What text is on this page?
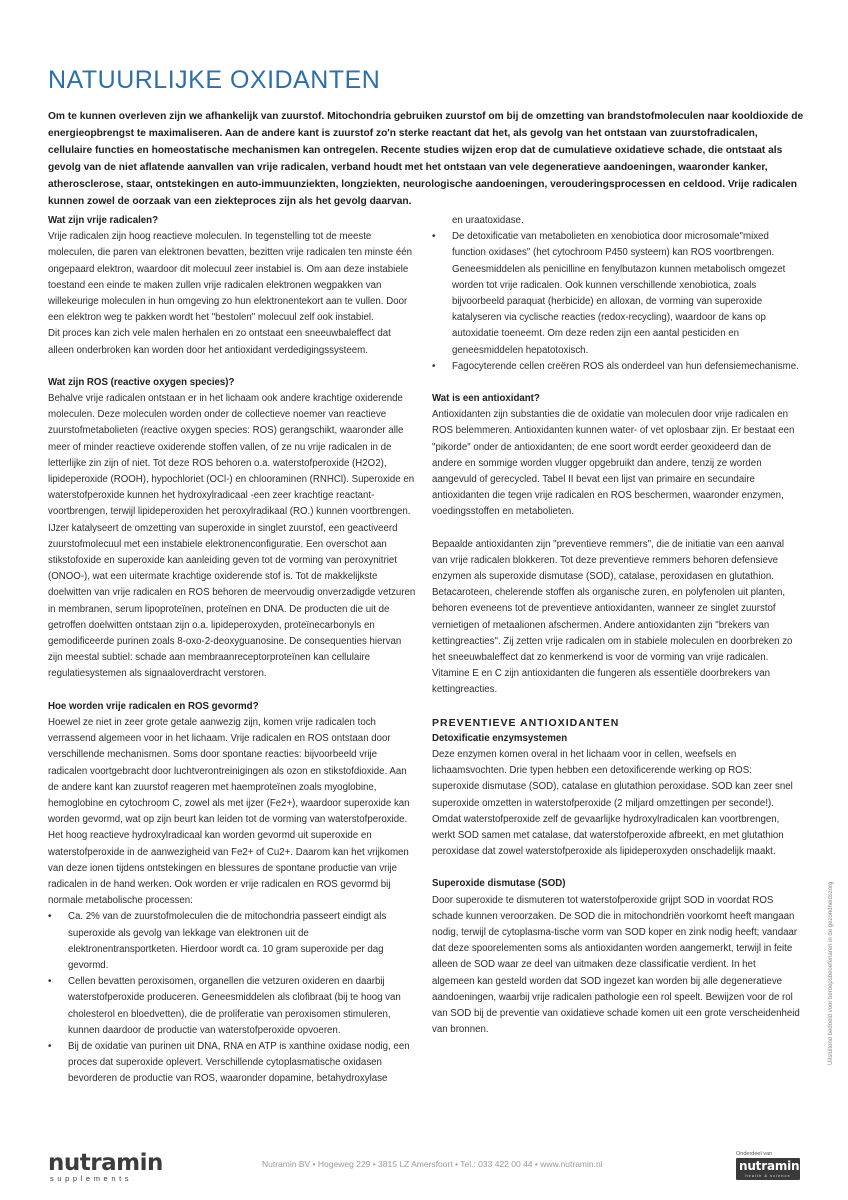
NATUURLIJKE OXIDANTEN

Om te kunnen overleven zijn we afhankelijk van zuurstof. Mitochondria gebruiken zuurstof om bij de omzetting van brandstofmoleculen naar kooldioxide de energieopbrengst te maximaliseren. Aan de andere kant is zuurstof zo'n sterke reactant dat het, als gevolg van het ontstaan van zuurstofradicalen, cellulaire functies en homeostatische mechanismen kan ontregelen. Recente studies wijzen erop dat de cumulatieve oxidatieve schade, die ontstaat als gevolg van de niet aflatende aanvallen van vrije radicalen, verband houdt met het ontstaan van vele degeneratieve aandoeningen, waaronder kanker, atherosclerose, staar, ontstekingen en auto-immuunziekten, longziekten, neurologische aandoeningen, verouderingsprocessen en celdood. Vrije radicalen kunnen zowel de oorzaak van een ziekteproces zijn als het gevolg daarvan.

Wat zijn vrije radicalen?

Vrije radicalen zijn hoog reactieve moleculen. In tegenstelling tot de meeste moleculen, die paren van elektronen bevatten, bezitten vrije radicalen ten minste één ongepaard elektron, waardoor dit molecuul zeer instabiel is. Om aan deze instabiele toestand een einde te maken zullen vrije radicalen elektronen wegpakken van willekeurige moleculen in hun omgeving zo hun elektronentekort aan te vullen. Door een elektron weg te pakken wordt het "bestolen" molecuul zelf ook instabiel.

Dit proces kan zich vele malen herhalen en zo ontstaat een sneeuwbaleffect dat alleen onderbroken kan worden door het antioxidant verdedigingssysteem.

Wat zijn ROS (reactive oxygen species)?

Behalve vrije radicalen ontstaan er in het lichaam ook andere krachtige oxiderende moleculen. Deze moleculen worden onder de collectieve noemer van reactieve zuurstofmetabolieten (reactive oxygen species: ROS) gerangschikt, waaronder alle meer of minder reactieve oxiderende stoffen vallen, of ze nu vrije radicalen in de letterlijke zin zijn of niet. Tot deze ROS behoren o.a. waterstofperoxide (H2O2), lipideperoxide (ROOH), hypochloriet (OCl-) en chlooraminen (RNHCl). Superoxide en waterstofperoxide kunnen het hydroxylradicaal -een zeer krachtige reactant-voortbrengen, terwijl lipideperoxiden het peroxylradikaal (RO.) kunnen voortbrengen. IJzer katalyseert de omzetting van superoxide in singlet zuurstof, een geactiveerd zuurstofmolecuul met een instabiele elektronenconfiguratie. Een overschot aan stikstofoxide en superoxide kan aanleiding geven tot de vorming van peroxynitriet (ONOO-), wat een uitermate krachtige oxiderende stof is. Tot de makkelijkste doelwitten van vrije radicalen en ROS behoren de meervoudig onverzadigde vetzuren in membranen, serum lipoproteïnen, proteïnen en DNA. De producten die uit de getroffen doelwitten ontstaan zijn o.a. lipideperoxyden, proteïnecarbonyls en gemodificeerde purinen zoals 8-oxo-2-deoxyguanosine. De consequenties hiervan zijn meestal subtiel: schade aan membraanreceptorproteïnen kan cellulaire regulatiesystemen als signaaloverdracht verstoren.

Hoe worden vrije radicalen en ROS gevormd?

Hoewel ze niet in zeer grote getale aanwezig zijn, komen vrije radicalen toch verrassend algemeen voor in het lichaam. Vrije radicalen en ROS ontstaan door verschillende mechanismen. Soms door spontane reacties: bijvoorbeeld vrije radicalen voortgebracht door luchtverontreinigingen als ozon en stikstofdioxide. Aan de andere kant kan zuurstof reageren met haemproteïnen zoals myoglobine, hemoglobine en cytochroom C, zowel als met ijzer (Fe2+), waardoor superoxide kan worden gevormd, wat op zijn beurt kan leiden tot de vorming van waterstofperoxide. Het hoog reactieve hydroxylradicaal kan worden gevormd uit superoxide en waterstofperoxide in de aanwezigheid van Fe2+ of Cu2+. Daarom kan het vrijkomen van deze ionen tijdens ontstekingen en blessures de spontane productie van vrije radicalen in de hand werken. Ook worden er vrije radicalen en ROS gevormd bij normale metabolische processen:

• Ca. 2% van de zuurstofmoleculen die de mitochondria passeert eindigt als superoxide als gevolg van lekkage van elektronen uit de elektronentransportketen. Hierdoor wordt ca. 10 gram superoxide per dag gevormd.
• Cellen bevatten peroxisomen, organellen die vetzuren oxideren en daarbij waterstofperoxide produceren. Geneesmiddelen als clofibraat (bij te hoog van cholesterol en bloedvetten), die de proliferatie van peroxisomen stimuleren, kunnen daardoor de productie van waterstofperoxide opvoeren.
• Bij de oxidatie van purinen uit DNA, RNA en ATP is xanthine oxidase nodig, een proces dat superoxide oplevert. Verschillende cytoplasmatische oxidasen bevorderen de productie van ROS, waaronder dopamine, betahydroxylase

en uraatoxidase.

• De detoxificatie van metabolieten en xenobiotica door microsomale"mixed function oxidases" (het cytochroom P450 systeem) kan ROS voortbrengen. Geneesmiddelen als penicilline en fenylbutazon kunnen metabolisch omgezet worden tot vrije radicalen. Ook kunnen verschillende xenobiotica, zoals bijvoorbeeld paraquat (herbicide) en alloxan, de vorming van superoxide katalyseren via cyclische reacties (redox-recycling), waardoor de kans op autoxidatie toeneemt. Om deze reden zijn een aantal pesticiden en geneesmiddelen hepatotoxisch.
• Fagocyterende cellen creëren ROS als onderdeel van hun defensiemechanisme.
Wat is een antioxidant?

Antioxidanten zijn substanties die de oxidatie van moleculen door vrije radicalen en ROS belemmeren. Antioxidanten kunnen water- of vet oplosbaar zijn. Er bestaat een "pikorde" onder de antioxidanten; de ene soort wordt eerder geoxideerd dan de andere en sommige worden vlugger opgebruikt dan andere, tenzij ze worden aangevuld of gerecycled. Tabel II bevat een lijst van primaire en secundaire antioxidanten die tegen vrije radicalen en ROS beschermen, waaronder enzymen, voedingsstoffen en metabolieten.

Bepaalde antioxidanten zijn "preventieve remmers", die de initiatie van een aanval van vrije radicalen blokkeren. Tot deze preventieve remmers behoren defensieve enzymen als superoxide dismutase (SOD), catalase, peroxidasen en glutathion. Betacaroteen, chelerende stoffen als organische zuren, en polyfenolen uit planten, behoren eveneens tot de preventieve antioxidanten, wanneer ze singlet zuurstof vernietigen of metaalionen afschermen. Andere antioxidanten zijn "brekers van kettingreacties". Zij zetten vrije radicalen om in stabiele moleculen en doorbreken zo het sneeuwbaleffect dat zo kenmerkend is voor de vorming van vrije radicalen. Vitamine E en C zijn antioxidanten die fungeren als essentiële doorbrekers van kettingreacties.

PREVENTIEVE ANTIOXIDANTEN
Detoxificatie enzymsystemen

Deze enzymen komen overal in het lichaam voor in cellen, weefsels en lichaamsvochten. Drie typen hebben een detoxificerende werking op ROS: superoxide dismutase (SOD), catalase en glutathion peroxidase. SOD kan zeer snel superoxide omzetten in waterstofperoxide (2 miljard omzettingen per seconde!).

Omdat waterstofperoxide zelf de gevaarlijke hydroxylradicalen kan voortbrengen, werkt SOD samen met catalase, dat waterstofperoxide afbreekt, en met glutathion peroxidase dat zowel waterstofperoxide als lipideperoxyden onschadelijk maakt.

Superoxide dismutase (SOD)

Door superoxide te dismuteren tot waterstofperoxide grijpt SOD in voordat ROS schade kunnen veroorzaken. De SOD die in mitochondriën voorkomt heeft mangaan nodig, terwijl de cytoplasma-tische vorm van SOD koper en zink nodig heeft; vandaar dat deze spoorelementen soms als antioxidanten worden aangemerkt, terwijl in feite alleen de SOD waar ze deel van uitmaken deze classificatie verdient. In het algemeen kan gesteld worden dat SOD ingezet kan worden bij alle degeneratieve aandoeningen, waarbij vrije radicalen pathologie een rol speelt. Bewijzen voor de rol van SOD bij de preventie van oxidatieve schade komen uit een grote verscheidenheid van bronnen.

nutramin
supplements
Nutramin BV • Hogeweg 229 • 3815 LZ Amersfoort • Tel.: 033 422 00 44 • www.nutramin.nl
Onderdeel van
nutramin
health & science
Uitsluitend bedoeld voor beroepsbeoefenaren in de gezondheidszorg
